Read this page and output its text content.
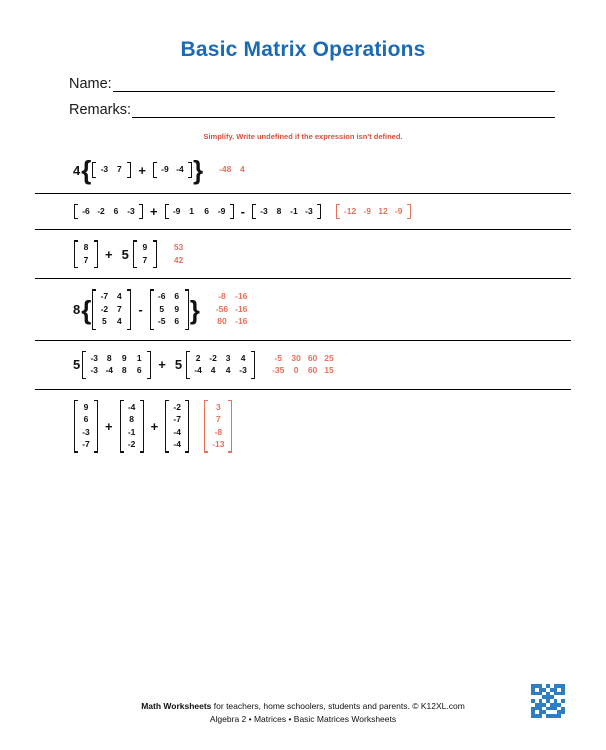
Basic Matrix Operations
Name:
Remarks:
Simplify. Write undefined if the expression isn't defined.
4 { -3 7 + -9 -4 } -48 4
-6 -2 6 -3 + -9 1 6 -9 - -3 8 -1 -3	-12 -9 12 -9
8
7 + 5 9
7
53
42
8 { -7 4
-2 7
5 4
-
-6 6
5 9
-5 6 } -8 -16
-56 -16
80 -16
5 -3 8 9 1
-3 -4 8 6 + 5 2 -2 3 4
-4 4 4 -3
-5 30 60 25
-35 0 60 15
9
6
-3
-7
+
-4
8
-1
-2
+
-2
-7
-4
-4
3
7
-8
-13
Math Worksheets for teachers, home schoolers, students and parents. © K12XL.com
Algebra 2 • Matrices • Basic Matrices Worksheets
